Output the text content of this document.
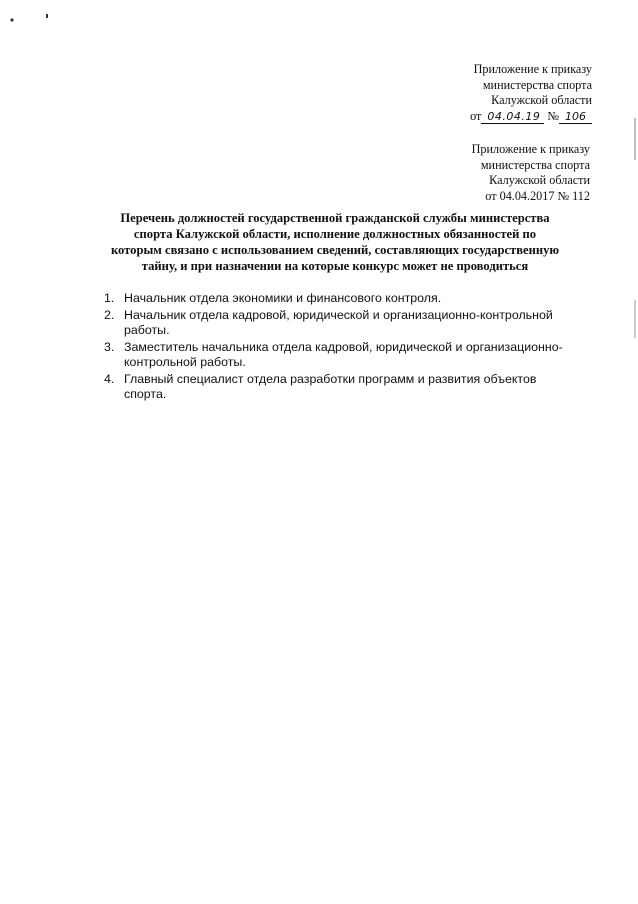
Приложение к приказу
министерства спорта
Калужской области
от 04.04.19 № 106
Приложение к приказу
министерства спорта
Калужской области
от 04.04.2017 № 112
Перечень должностей государственной гражданской службы министерства
спорта Калужской области, исполнение должностных обязанностей по
которым связано с использованием сведений, составляющих государственную
тайну, и при назначении на которые конкурс может не проводиться
1. Начальник отдела экономики и финансового контроля.
2. Начальник отдела кадровой, юридической и организационно-контрольной
работы.
3. Заместитель начальника отдела кадровой, юридической и организационно-
контрольной работы.
4. Главный специалист отдела разработки программ и развития объектов
спорта.
